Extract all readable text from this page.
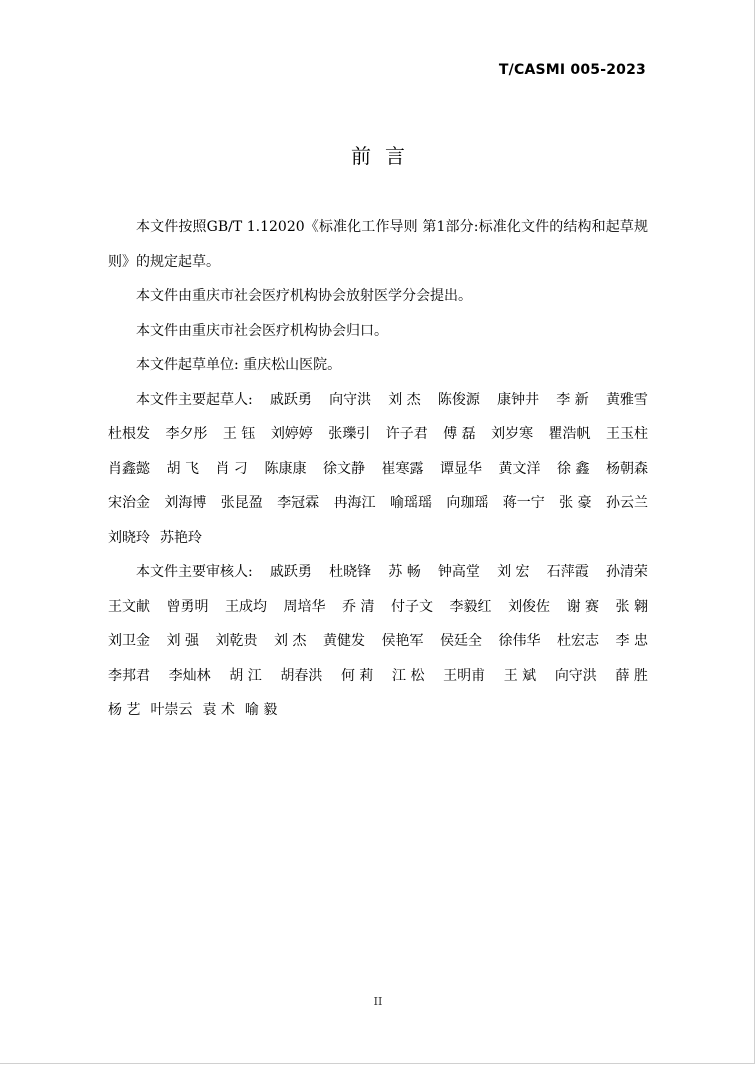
T/CASMI 005-2023
前言

本文件按照GB/T 1.12020《标准化工作导则 第1部分:标准化文件的结构和起草规则》的规定起草。

本文件由重庆市社会医疗机构协会放射医学分会提出。

本文件由重庆市社会医疗机构协会归口。

本文件起草单位: 重庆松山医院。

本文件主要起草人: 戚跃勇 向守洪 刘 杰 陈俊源 康钟井 李 新 黄雅雪
杜根发 李夕彤 王 钰 刘婷婷 张瓅引 许子君 傅 磊 刘岁寒 瞿浩帆 王玉柱
肖鑫懿 胡 飞 肖 刁 陈康康 徐文静 崔寒露 谭显华 黄文洋 徐 鑫 杨朝森
宋治金 刘海博 张昆盈 李冠霖 冉海江 喻瑶瑶 向珈瑶 蒋一宁 张 豪 孙云兰
刘晓玲 苏艳玲
本文件主要审核人: 戚跃勇 杜晓锋 苏 畅 钟高堂 刘 宏 石萍霞 孙清荣
王文献 曾勇明 王成均 周培华 乔 清 付子文 李毅红 刘俊佐 谢 赛 张 翱
刘卫金 刘 强 刘乾贵 刘 杰 黄健发 侯艳军 侯廷全 徐伟华 杜宏志 李 忠
李邦君 李灿林 胡 江 胡春洪 何 莉 江 松 王明甫 王 斌 向守洪 薛 胜
杨 艺 叶崇云 袁 术 喻 毅
II
